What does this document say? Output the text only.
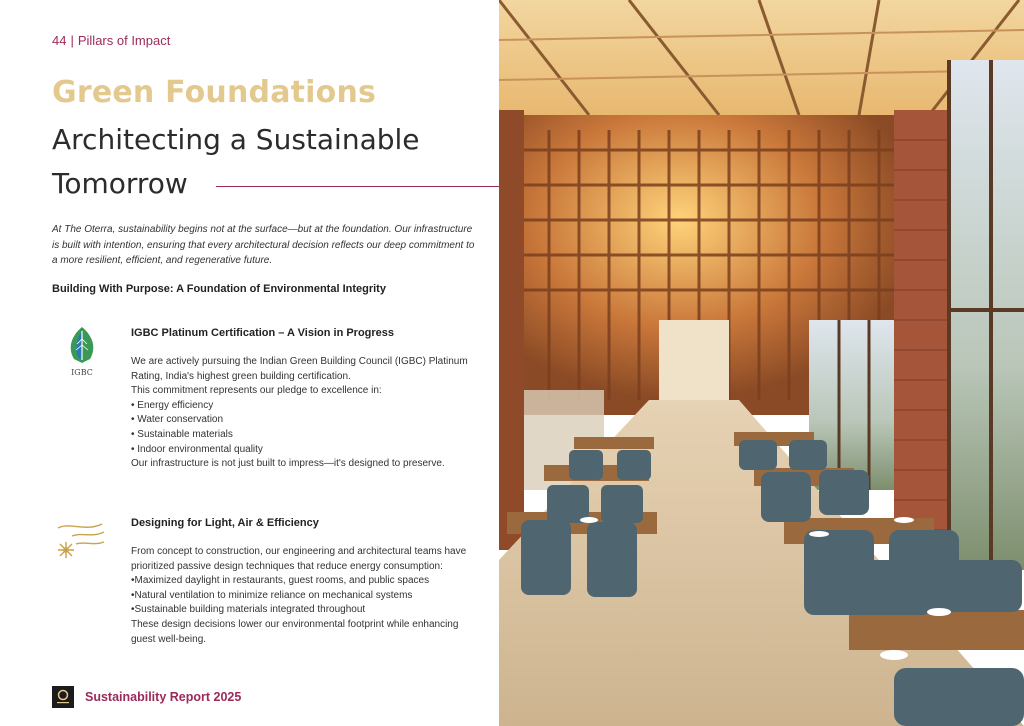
44 | Pillars of Impact
Green Foundations
Architecting a Sustainable Tomorrow
At The Oterra, sustainability begins not at the surface—but at the foundation. Our infrastructure is built with intention, ensuring that every architectural decision reflects our deep commitment to a more resilient, efficient, and regenerative future.
Building With Purpose: A Foundation of Environmental Integrity
IGBC
IGBC Platinum Certification – A Vision in Progress

We are actively pursuing the Indian Green Building Council (IGBC) Platinum Rating, India's highest green building certification.

This commitment represents our pledge to excellence in:

• Energy efficiency
• Water conservation
• Sustainable materials
• Indoor environmental quality

Our infrastructure is not just built to impress—it's designed to preserve.

Designing for Light, Air & Efficiency

From concept to construction, our engineering and architectural teams have prioritized passive design techniques that reduce energy consumption:

•Maximized daylight in restaurants, guest rooms, and public spaces
•Natural ventilation to minimize reliance on mechanical systems
•Sustainable building materials integrated throughout

These design decisions lower our environmental footprint while enhancing guest well-being.

Sustainability Report 2025
